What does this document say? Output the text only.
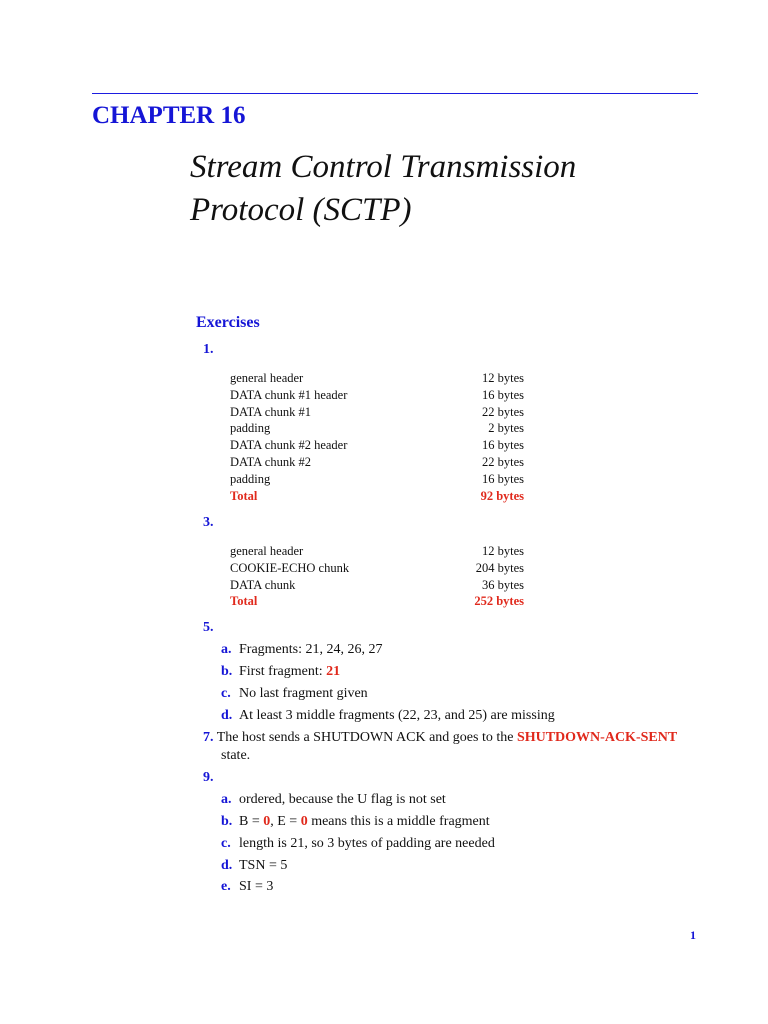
CHAPTER 16
Stream Control Transmission
Protocol (SCTP)
Exercises
1.
general header	12 bytes
DATA chunk #1 header	16 bytes
DATA chunk #1	22 bytes
padding	2 bytes
DATA chunk #2 header	16 bytes
DATA chunk #2	22 bytes
padding	16 bytes
Total	92 bytes
3.
general header	12 bytes
COOKIE-ECHO chunk	204 bytes
DATA chunk	36 bytes
Total	252 bytes
5.
a. Fragments: 21, 24, 26, 27
b. First fragment: 21
c. No last fragment given
d. At least 3 middle fragments (22, 23, and 25) are missing
7. The host sends a SHUTDOWN ACK and goes to the SHUTDOWN-ACK-SENT
state.
9.
a. ordered, because the U flag is not set
b. B = 0, E = 0 means this is a middle fragment
c. length is 21, so 3 bytes of padding are needed
d. TSN = 5
e. SI = 3
1
